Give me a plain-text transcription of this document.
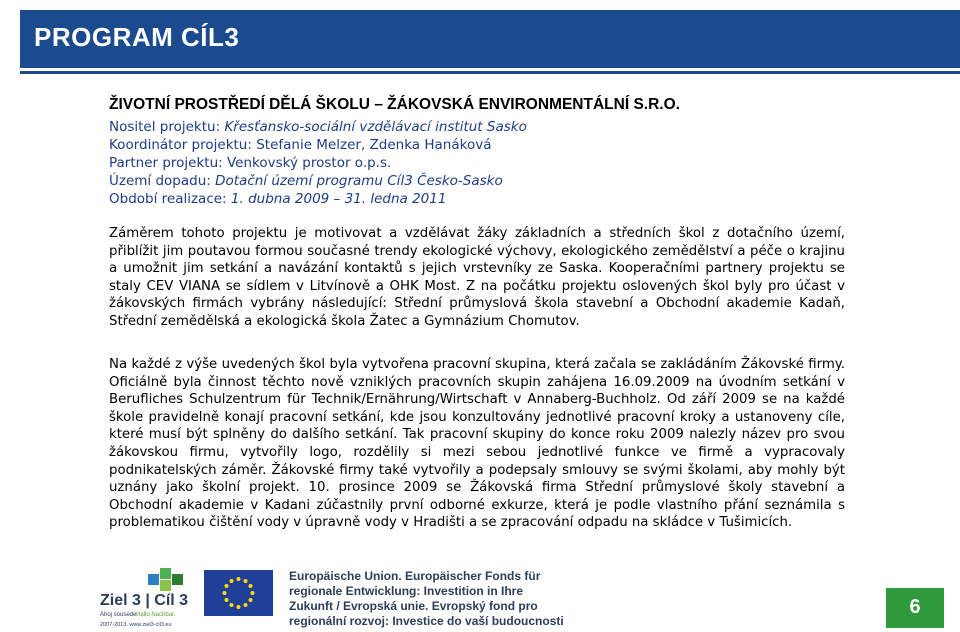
PROGRAM CÍL3
ŽIVOTNÍ PROSTŘEDÍ DĚLÁ ŠKOLU – ŽÁKOVSKÁ ENVIRONMENTÁLNÍ S.R.O.
Nositel projektu: Křesťansko-sociální vzdělávací institut Sasko
Koordinátor projektu: Stefanie Melzer, Zdenka Hanáková
Partner projektu: Venkovský prostor o.p.s.
Území dopadu: Dotační území programu Cíl3 Česko-Sasko
Období realizace: 1. dubna 2009 – 31. ledna 2011

Záměrem tohoto projektu je motivovat a vzdělávat žáky základních a středních škol z dotačního území, přiblížit jim poutavou formou současné trendy ekologické výchovy, ekologického zemědělství a péče o krajinu a umožnit jim setkání a navázání kontaktů s jejich vrstevníky ze Saska. Kooperačními partnery projektu se staly CEV VIANA se sídlem v Litvínově a OHK Most. Z na počátku projektu oslovených škol byly pro účast v žákovských firmách vybrány následující: Střední průmyslová škola stavební a Obchodní akademie Kadaň, Střední zemědělská a ekologická škola Žatec a Gymnázium Chomutov.

Na každé z výše uvedených škol byla vytvořena pracovní skupina, která začala se zakládáním Žákovské firmy. Oficiálně byla činnost těchto nově vzniklých pracovních skupin zahájena 16.09.2009 na úvodním setkání v Berufliches Schulzentrum für Technik/Ernährung/Wirtschaft v Annaberg-Buchholz. Od září 2009 se na každé škole pravidelně konají pracovní setkání, kde jsou konzultovány jednotlivé pracovní kroky a ustanoveny cíle, které musí být splněny do dalšího setkání. Tak pracovní skupiny do konce roku 2009 nalezly název pro svou žákovskou firmu, vytvořily logo, rozdělily si mezi sebou jednotlivé funkce ve firmě a vypracovaly podnikatelských záměr. Žákovské firmy také vytvořily a podepsaly smlouvy se svými školami, aby mohly být uznány jako školní projekt. 10. prosince 2009 se Žákovská firma Střední průmyslové školy stavební a Obchodní akademie v Kadani zúčastnily první odborné exkurze, která je podle vlastního přání seznámila s problematikou čištění vody v úpravně vody v Hradišti a se zpracování odpadu na skládce v Tušimicích.

Ziel 3 | Cíl 3
Ahoj sousede.
Hallo Nachbar.
2007-2013. www.ziel3-cil3.eu
Europäische Union. Europäischer Fonds für
regionale Entwicklung: Investition in Ihre
Zukunft / Evropská unie. Evropský fond pro
regionální rozvoj: Investice do vaší budoucnosti
6
